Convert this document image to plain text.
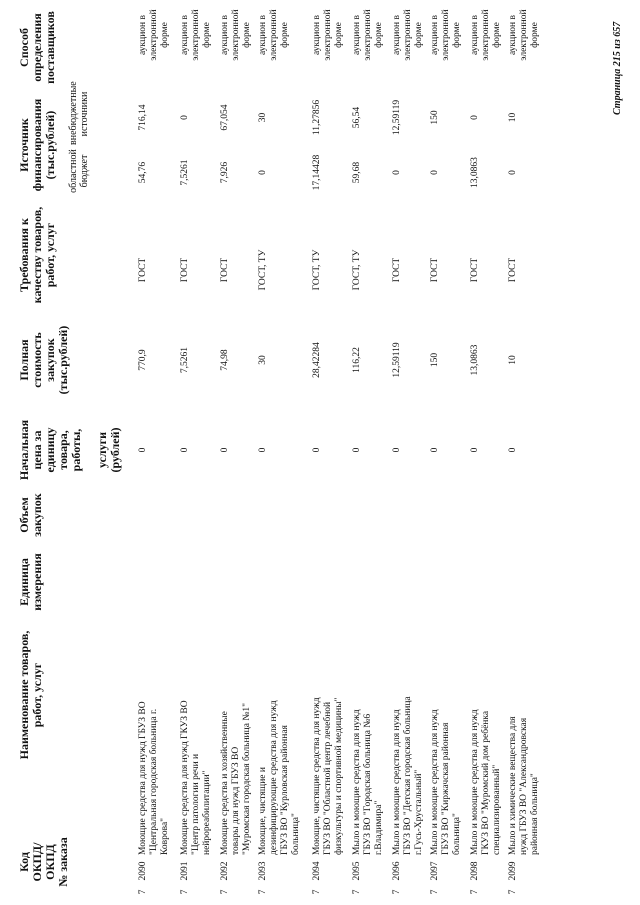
Код ОКПД/ ОКПД № заказа
Наименование товаров, работ, услуг
Единица измерения
Объем закупок
Начальная цена за единицу товара, работы, услуги (рублей)
Полная стоимость закупок (тыс.рублей)
Требования к качеству товаров, работ, услуг
Источник финансирования (тыс.рублей) областной бюджет
внебюджетные источники
Способ определения поставщиков
7
2090
Моющие средства для нужд ГБУЗ ВО "Центральная городская больница г. Коврова"
0
770,9
ГОСТ
54,76
716,14
аукцион в электронной форме
7
2091
Моющие средства для нужд ГКУЗ ВО "Центр патологии речи и нейрореабилитации"
0
7,5261
ГОСТ
7,5261
0
аукцион в электронной форме
7
2092
Моющие средства и хозяйственные товары для нужд ГБУЗ ВО "Муромская городская больница №1"
0
74,98
ГОСТ
7,926
67,054
аукцион в электронной форме
7
2093
Моющие, чистящие и дезинфицирующие средства для нужд ГБУЗ ВО "Курловская районная больница"
0
30
ГОСТ, ТУ
0
30
аукцион в электронной форме
7
2094
Моющие, чистящие средства для нужд ГБУЗ ВО "Областной центр лечебной физкультуры и спортивной медицины"
0
28,42284
ГОСТ, ТУ
17,14428
11,27856
аукцион в электронной форме
7
2095
Мыло и моющие средства для нужд ГБУЗ ВО "Городская больница №6 г.Владимира"
0
116,22
ГОСТ, ТУ
59,68
56,54
аукцион в электронной форме
7
2096
Мыло и моющие средства для нужд ГБУЗ ВО "Детская городская больница г.Гусь-Хрустальный"
0
12,59119
ГОСТ
0
12,59119
аукцион в электронной форме
7
2097
Мыло и моющие средства для нужд ГБУЗ ВО "Киржачская районная больница"
0
150
ГОСТ
0
150
аукцион в электронной форме
7
2098
Мыло и моющие средства для нужд ГКУЗ ВО "Муромский дом ребёнка специализированный"
0
13,0863
ГОСТ
13,0863
0
аукцион в электронной форме
7
2099
Мыло и химические вещества для нужд ГБУЗ ВО "Александровская районная больница"
0
10
ГОСТ
0
10
аукцион в электронной форме	Страница 215 из 657
